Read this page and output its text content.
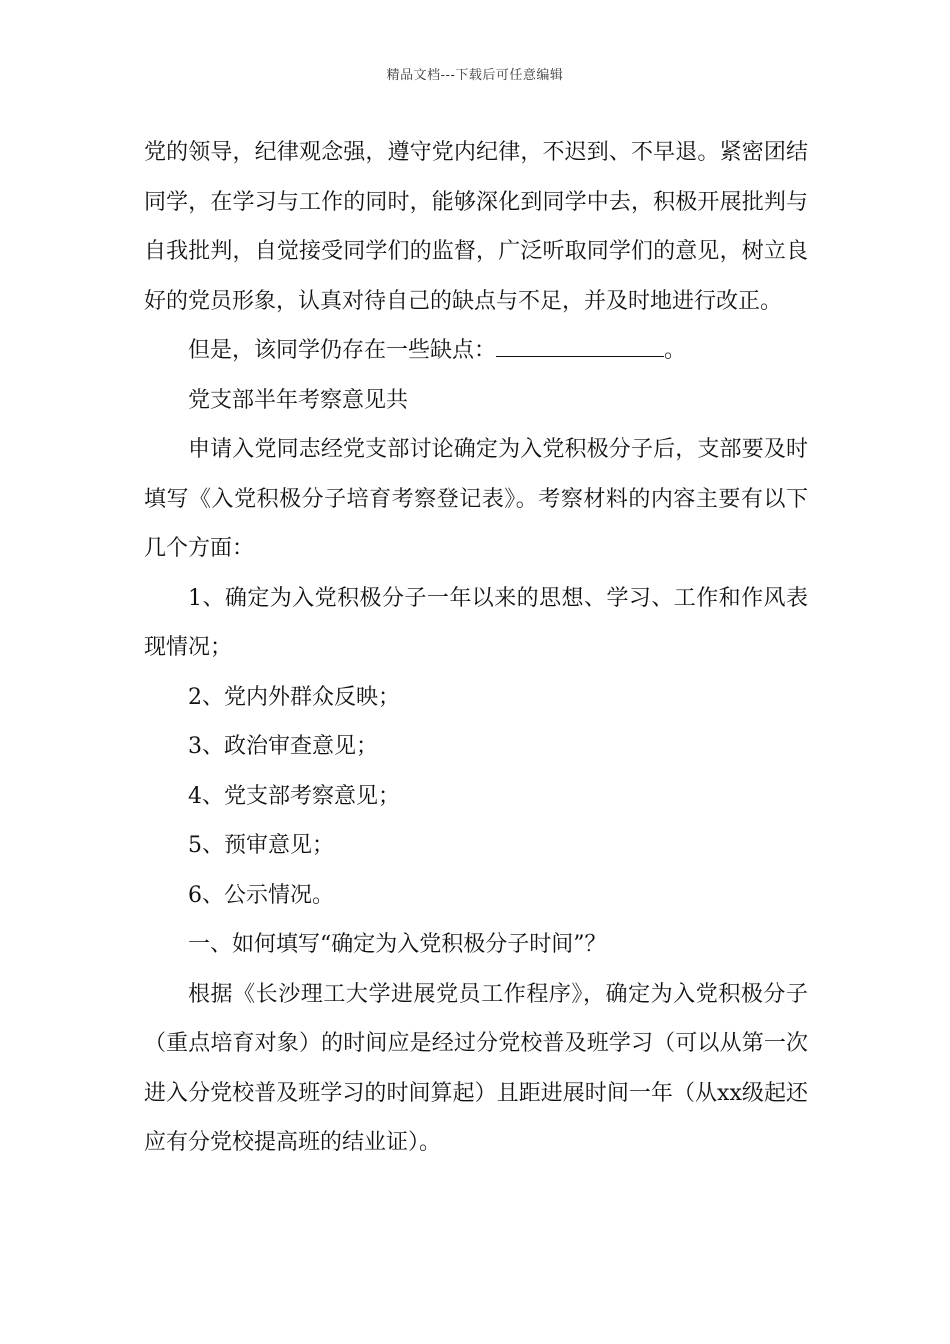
精品文档---下载后可任意编辑

党的领导，纪律观念强，遵守党内纪律，不迟到、不早退。紧密团结同学，在学习与工作的同时，能够深化到同学中去，积极开展批判与自我批判，自觉接受同学们的监督，广泛听取同学们的意见，树立良好的党员形象，认真对待自己的缺点与不足，并及时地进行改正。

但是，该同学仍存在一些缺点：	。

党支部半年考察意见共

申请入党同志经党支部讨论确定为入党积极分子后，支部要及时填写《入党积极分子培育考察登记表》。考察材料的内容主要有以下几个方面：

1、确定为入党积极分子一年以来的思想、学习、工作和作风表现情况；

2、党内外群众反映；

3、政治审查意见；

4、党支部考察意见；

5、预审意见；

6、公示情况。

一、如何填写“确定为入党积极分子时间”？

根据《长沙理工大学进展党员工作程序》，确定为入党积极分子（重点培育对象）的时间应是经过分党校普及班学习（可以从第一次进入分党校普及班学习的时间算起）且距进展时间一年（从xx级起还应有分党校提高班的结业证）。
